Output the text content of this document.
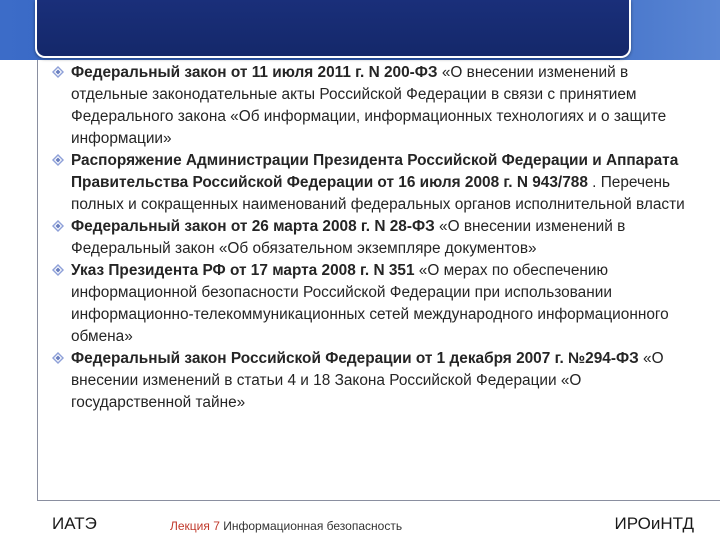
Федеральный закон от 11 июля 2011 г. N 200-ФЗ «О внесении изменений в отдельные законодательные акты Российской Федерации в связи с принятием Федерального закона «Об информации, информационных технологиях и о защите информации»
Распоряжение Администрации Президента Российской Федерации и Аппарата Правительства Российской Федерации от 16 июля 2008 г. N 943/788 . Перечень полных и сокращенных наименований федеральных органов исполнительной власти
Федеральный закон от 26 марта 2008 г. N 28-ФЗ «О внесении изменений в Федеральный закон «Об обязательном экземпляре документов»
Указ Президента РФ от 17 марта 2008 г. N 351 «О мерах по обеспечению информационной безопасности Российской Федерации при использовании информационно-телекоммуникационных сетей международного информационного обмена»
Федеральный закон Российской Федерации от 1 декабря 2007 г. №294-ФЗ «О внесении изменений в статьи 4 и 18 Закона Российской Федерации «О государственной тайне»
ИАТЭ	Лекция 7 Информационная безопасность	ИРОиНТД
